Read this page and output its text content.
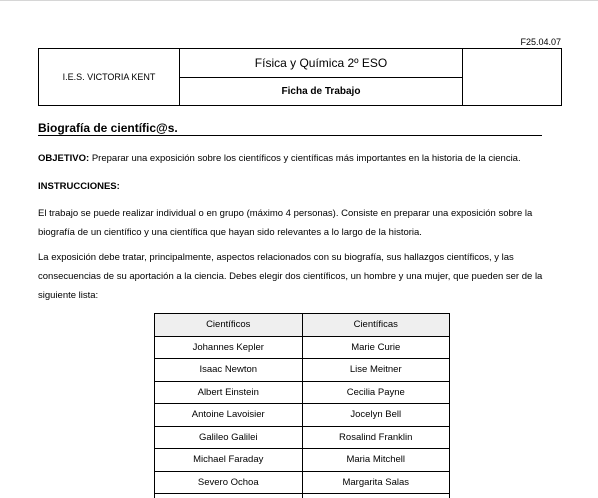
F25.04.07
I.E.S. VICTORIA KENT	Física y Química 2º ESO	
Ficha de Trabajo
Biografía de científic@s.

OBJETIVO: Preparar una exposición sobre los científicos y científicas más importantes en la historia de la ciencia.

INSTRUCCIONES:

El trabajo se puede realizar individual o en grupo (máximo 4 personas). Consiste en preparar una exposición sobre la biografía de un científico y una científica que hayan sido relevantes a lo largo de la historia.

La exposición debe tratar, principalmente, aspectos relacionados con su biografía, sus hallazgos científicos, y las consecuencias de su aportación a la ciencia. Debes elegir dos científicos, un hombre y una mujer, que pueden ser de la siguiente lista:

Científicos	Científicas
Johannes Kepler	Marie Curie
Isaac Newton	Lise Meitner
Albert Einstein	Cecilia Payne
Antoine Lavoisier	Jocelyn Bell
Galileo Galilei	Rosalind Franklin
Michael Faraday	Maria Mitchell
Severo Ochoa	Margarita Salas
